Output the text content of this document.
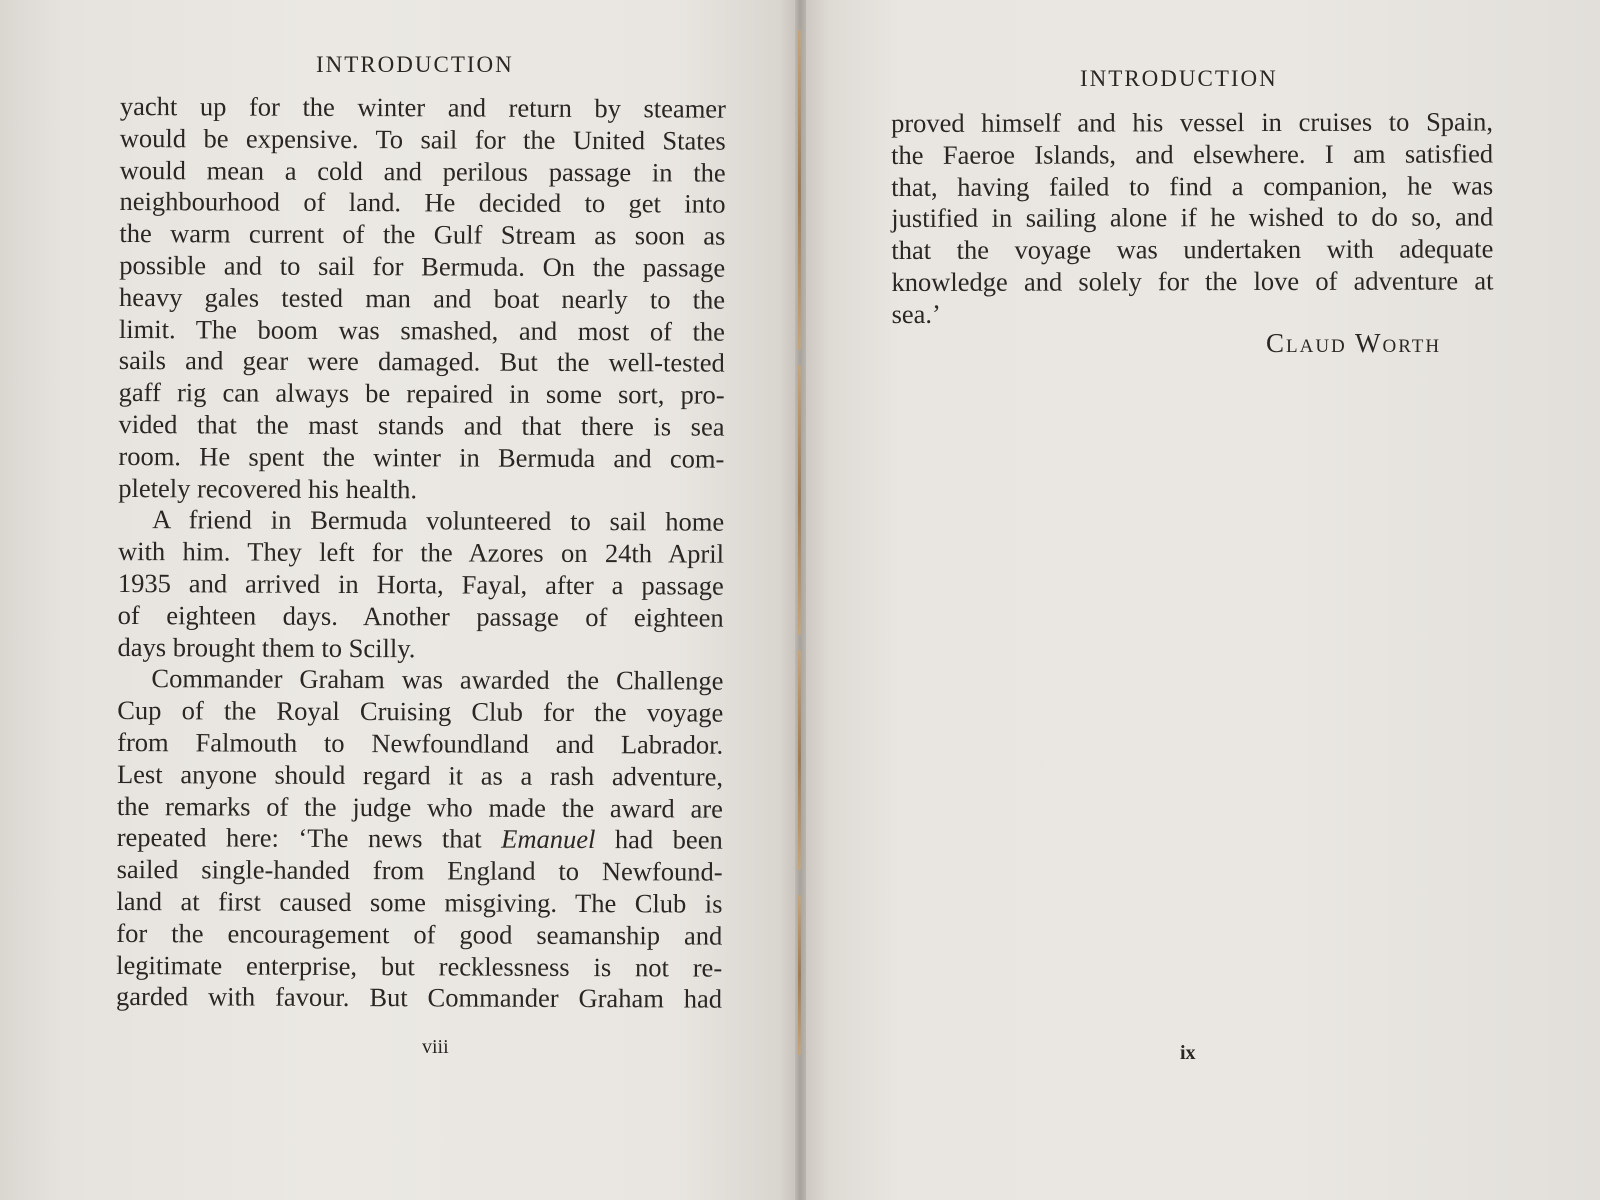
INTRODUCTION
yacht up for the winter and return by steamer
would be expensive. To sail for the United States
would mean a cold and perilous passage in the
neighbourhood of land. He decided to get into
the warm current of the Gulf Stream as soon as
possible and to sail for Bermuda. On the passage
heavy gales tested man and boat nearly to the
limit. The boom was smashed, and most of the
sails and gear were damaged. But the well-tested
gaff rig can always be repaired in some sort, pro-
vided that the mast stands and that there is sea
room. He spent the winter in Bermuda and com-
pletely recovered his health.
A friend in Bermuda volunteered to sail home
with him. They left for the Azores on 24th April
1935 and arrived in Horta, Fayal, after a passage
of eighteen days. Another passage of eighteen
days brought them to Scilly.
Commander Graham was awarded the Challenge
Cup of the Royal Cruising Club for the voyage
from Falmouth to Newfoundland and Labrador.
Lest anyone should regard it as a rash adventure,
the remarks of the judge who made the award are
repeated here: ‘The news that Emanuel had been
sailed single-handed from England to Newfound-
land at first caused some misgiving. The Club is
for the encouragement of good seamanship and
legitimate enterprise, but recklessness is not re-
garded with favour. But Commander Graham had
viii
INTRODUCTION
proved himself and his vessel in cruises to Spain,
the Faeroe Islands, and elsewhere. I am satisfied
that, having failed to find a companion, he was
justified in sailing alone if he wished to do so, and
that the voyage was undertaken with adequate
knowledge and solely for the love of adventure at
sea.’
Claud Worth
ix
